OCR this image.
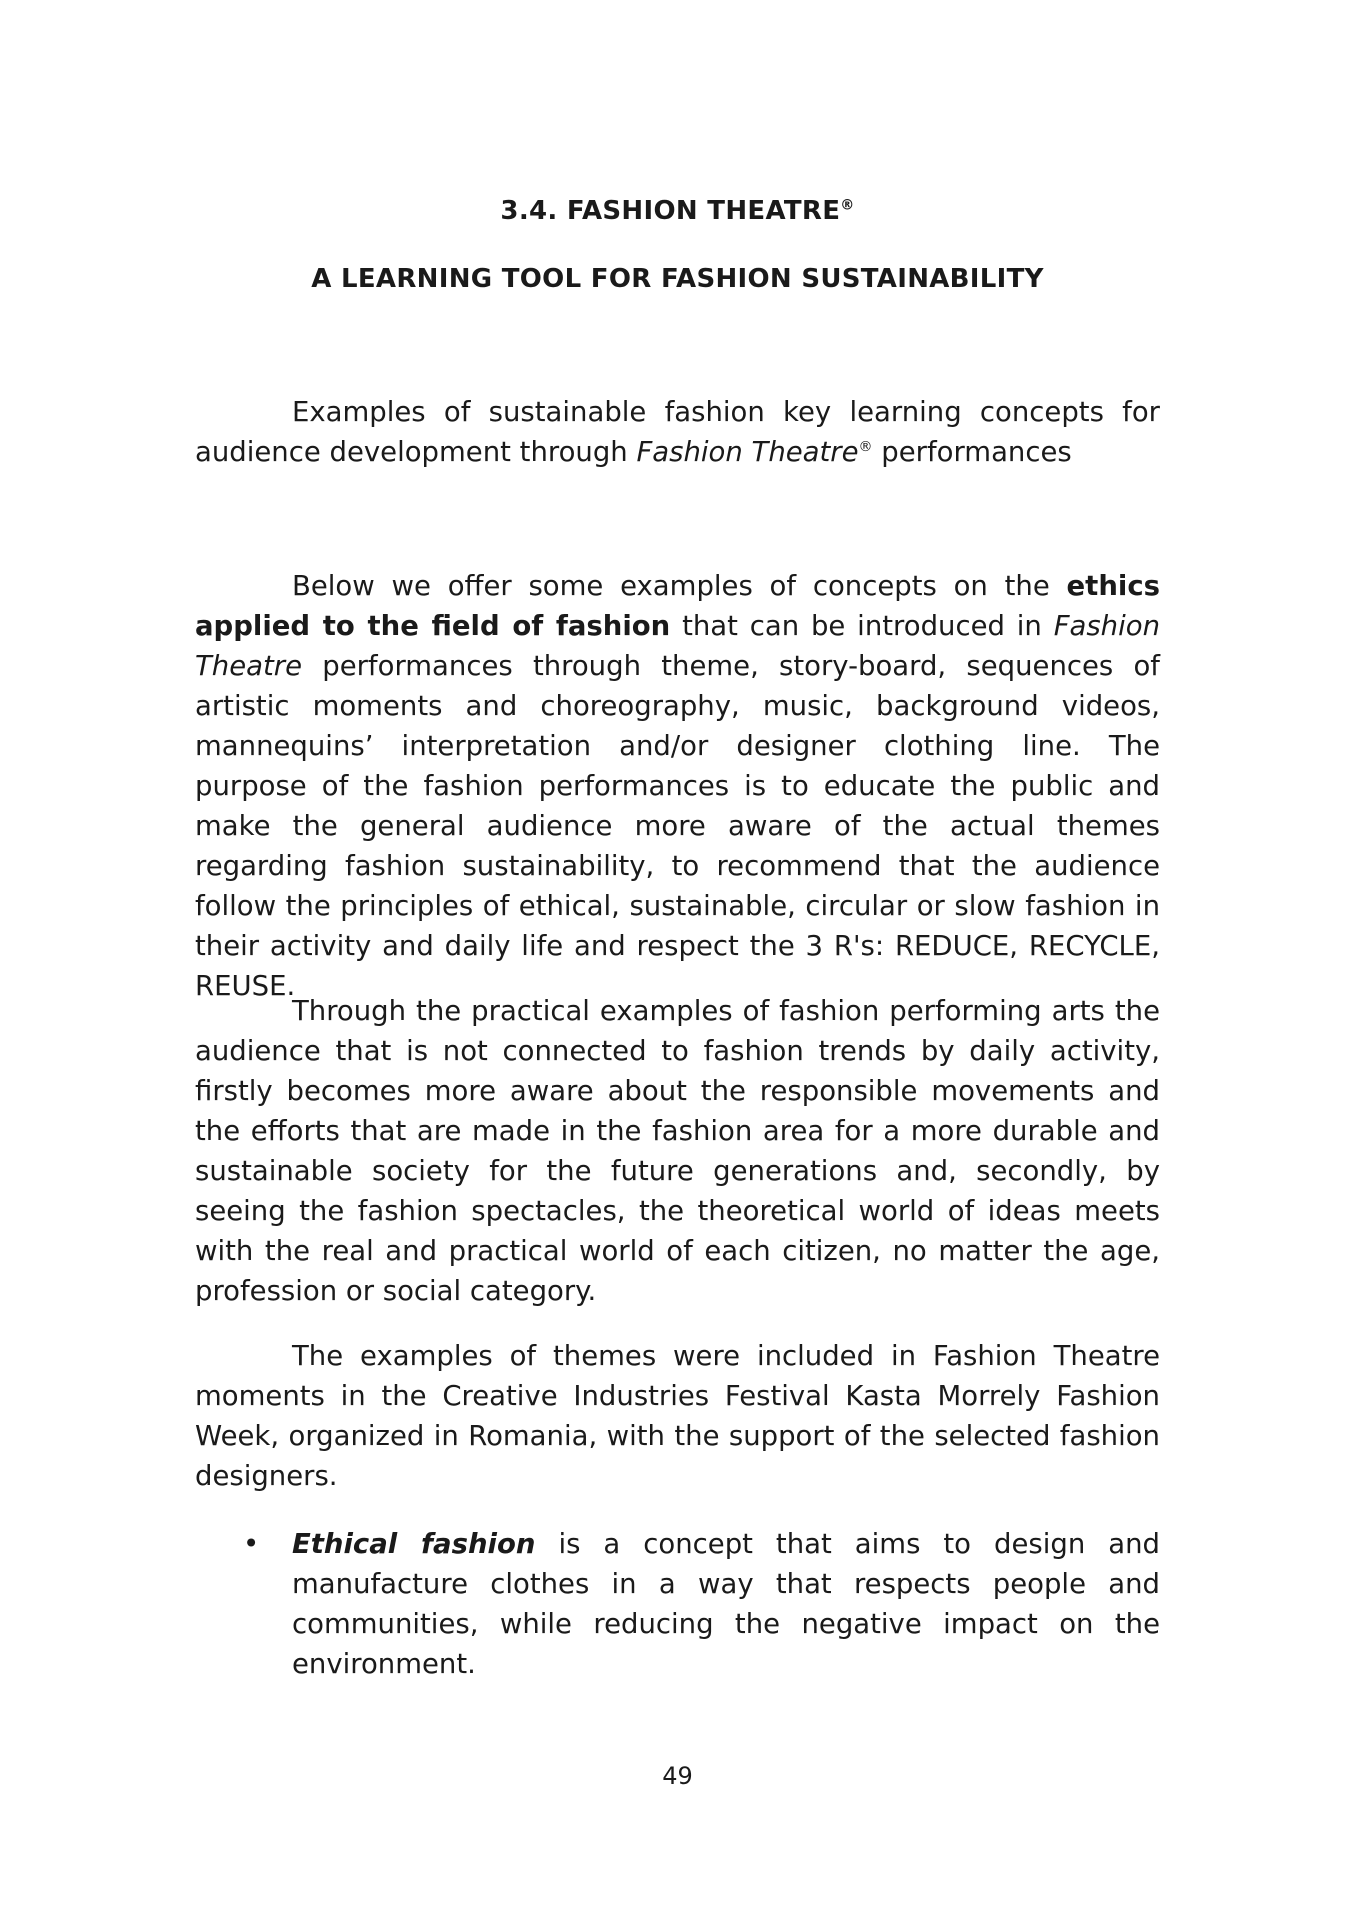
3.4. FASHION THEATRE®
A LEARNING TOOL FOR FASHION SUSTAINABILITY

Examples of sustainable fashion key learning concepts for audience development through Fashion Theatre® performances

Below we offer some examples of concepts on the ethics applied to the field of fashion that can be introduced in Fashion Theatre performances through theme, story-board, sequences of artistic moments and choreography, music, background videos, mannequins’ interpretation and/or designer clothing line. The purpose of the fashion performances is to educate the public and make the general audience more aware of the actual themes regarding fashion sustainability, to recommend that the audience follow the principles of ethical, sustainable, circular or slow fashion in their activity and daily life and respect the 3 R's: REDUCE, RECYCLE, REUSE.

Through the practical examples of fashion performing arts the audience that is not connected to fashion trends by daily activity, firstly becomes more aware about the responsible movements and the efforts that are made in the fashion area for a more durable and sustainable society for the future generations and, secondly, by seeing the fashion spectacles, the theoretical world of ideas meets with the real and practical world of each citizen, no matter the age, profession or social category.

The examples of themes were included in Fashion Theatre moments in the Creative Industries Festival Kasta Morrely Fashion Week, organized in Romania, with the support of the selected fashion designers.

• Ethical fashion is a concept that aims to design and manufacture clothes in a way that respects people and communities, while reducing the negative impact on the environment.

49
